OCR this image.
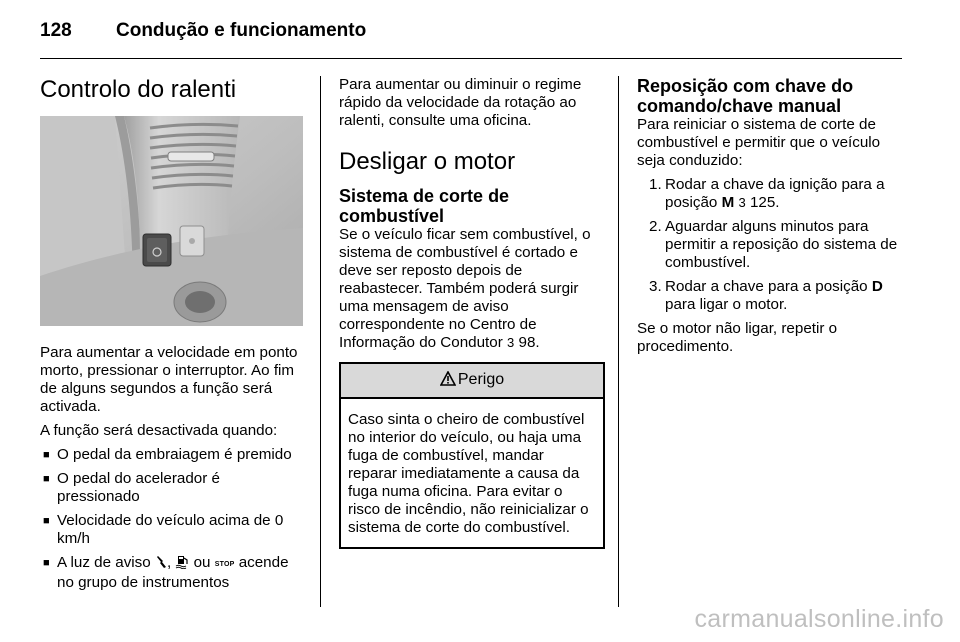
128 Condução e funcionamento
Controlo do ralenti

Para aumentar a velocidade em ponto morto, pressionar o interruptor. Ao fim de alguns segundos a função será activada.

A função será desactivada quando:

■ O pedal da embraiagem é premido
■ O pedal do acelerador é pressionado
■ Velocidade do veículo acima de 0 km/h
■ A luz de aviso ,  ou STOP acende no grupo de instrumentos

Para aumentar ou diminuir o regime rápido da velocidade da rotação ao ralenti, consulte uma oficina.

Desligar o motor
Sistema de corte de combustível

Se o veículo ficar sem combustível, o sistema de combustível é cortado e deve ser reposto depois de reabastecer. Também poderá surgir uma mensagem de aviso correspondente no Centro de Informação do Condutor 3 98.

Perigo
Caso sinta o cheiro de combustível no interior do veículo, ou haja uma fuga de combustível, mandar reparar imediatamente a causa da fuga numa oficina. Para evitar o risco de incêndio, não reinicializar o sistema de corte do combustível.
Reposição com chave do comando/chave manual

Para reiniciar o sistema de corte de combustível e permitir que o veículo seja conduzido:

1. Rodar a chave da ignição para a posição M 3 125.
2. Aguardar alguns minutos para permitir a reposição do sistema de combustível.
3. Rodar a chave para a posição D para ligar o motor.

Se o motor não ligar, repetir o procedimento.

carmanualsonline.info
